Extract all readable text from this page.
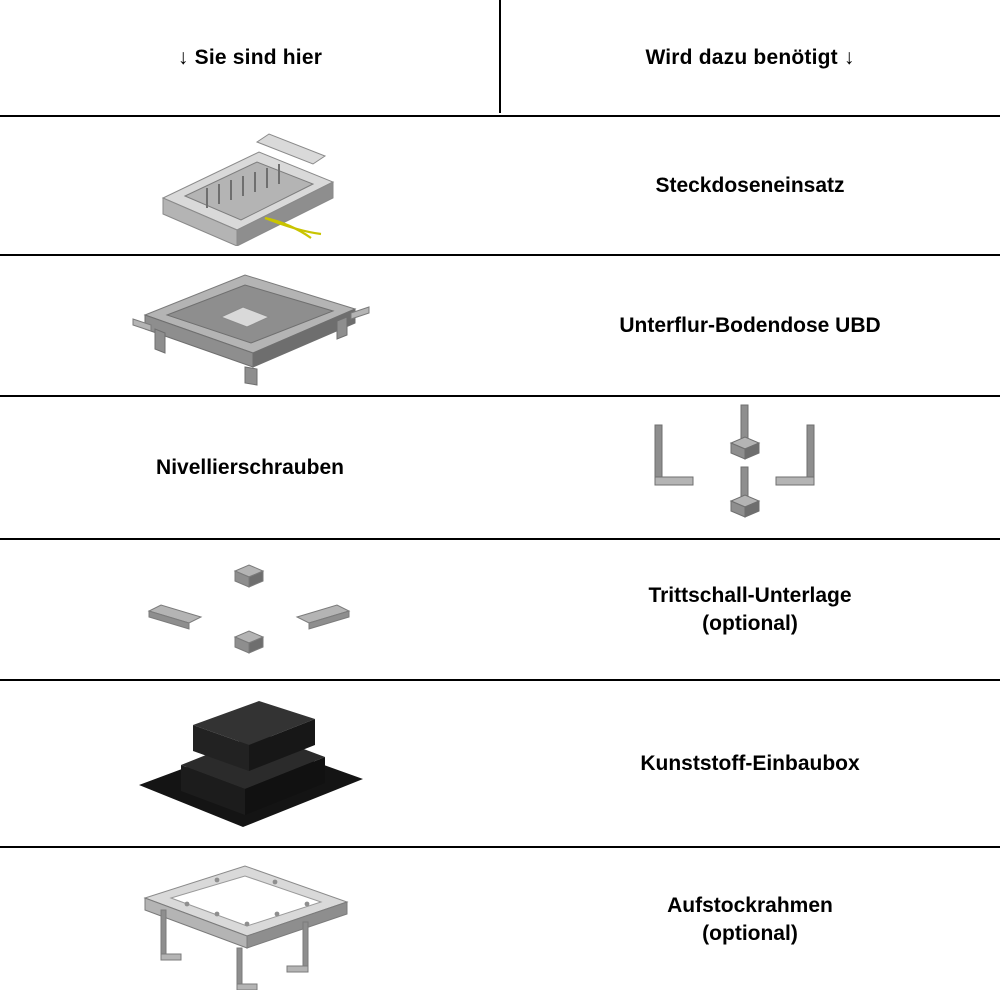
↓ Sie sind hier	Wird dazu benötigt ↓
Steckdoseneinsatz
Unterflur-Bodendose UBD
Nivellierschrauben
Trittschall-Unterlage
(optional)
Kunststoff-Einbaubox
Aufstockrahmen
(optional)
